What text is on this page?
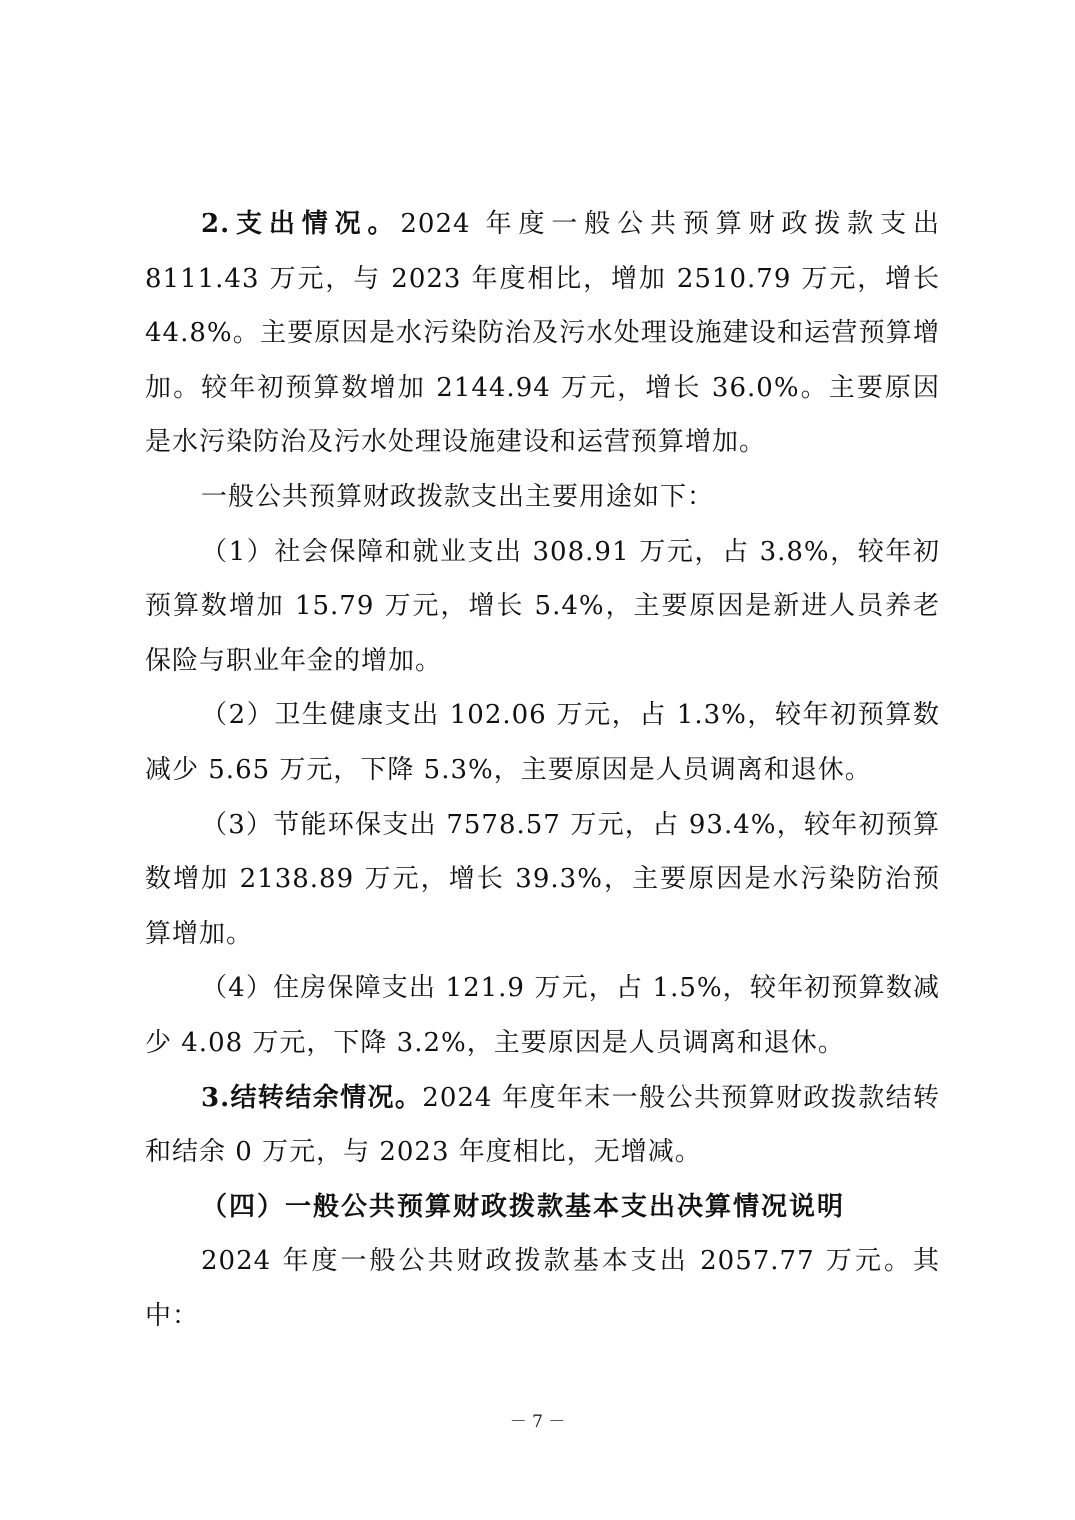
2.支出情况。2024 年度一般公共预算财政拨款支出 8111.43 万元，与 2023 年度相比，增加 2510.79 万元，增长 44.8%。主要原因是水污染防治及污水处理设施建设和运营预算增加。较年初预算数增加 2144.94 万元，增长 36.0%。主要原因是水污染防治及污水处理设施建设和运营预算增加。

一般公共预算财政拨款支出主要用途如下：

（1）社会保障和就业支出 308.91 万元，占 3.8%，较年初预算数增加 15.79 万元，增长 5.4%，主要原因是新进人员养老保险与职业年金的增加。

（2）卫生健康支出 102.06 万元，占 1.3%，较年初预算数减少 5.65 万元，下降 5.3%，主要原因是人员调离和退休。

（3）节能环保支出 7578.57 万元，占 93.4%，较年初预算数增加 2138.89 万元，增长 39.3%，主要原因是水污染防治预算增加。

（4）住房保障支出 121.9 万元，占 1.5%，较年初预算数减少 4.08 万元，下降 3.2%，主要原因是人员调离和退休。

3.结转结余情况。2024 年度年末一般公共预算财政拨款结转和结余 0 万元，与 2023 年度相比，无增减。

（四）一般公共预算财政拨款基本支出决算情况说明

2024 年度一般公共财政拨款基本支出 2057.77 万元。其中：

－ 7 －
